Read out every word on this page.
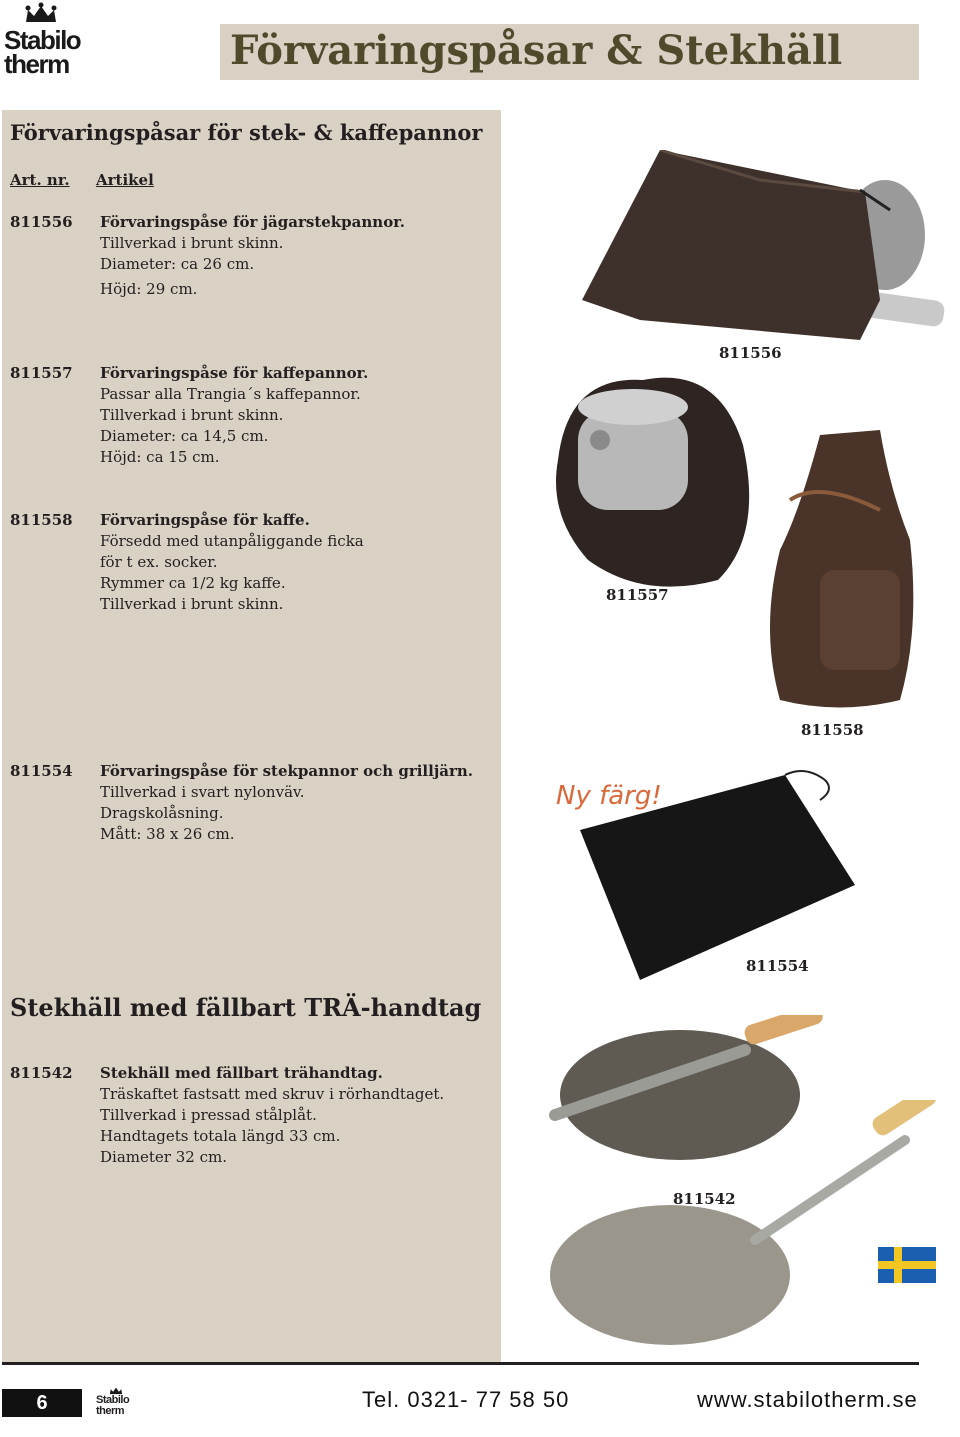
Stabilo
therm	Förvaringspåsar & Stekhäll
Förvaringspåsar för stek- & kaffepannor
Art. nr. Artikel
811556 Förvaringspåse för jägarstekpannor.
Tillverkad i brunt skinn.
Diameter: ca 26 cm.
Höjd: 29 cm.
811557 Förvaringspåse för kaffepannor.
Passar alla Trangia´s kaffepannor.
Tillverkad i brunt skinn.
Diameter: ca 14,5 cm.
Höjd: ca 15 cm.
811558 Förvaringspåse för kaffe.
Försedd med utanpåliggande ficka
för t ex. socker.
Rymmer ca 1/2 kg kaffe.
Tillverkad i brunt skinn.
811554 Förvaringspåse för stekpannor och grilljärn.
Tillverkad i svart nylonväv.
Dragskolåsning.
Mått: 38 x 26 cm.
Stekhäll med fällbart TRÄ-handtag
811542 Stekhäll med fällbart trähandtag.
Träskaftet fastsatt med skruv i rörhandtaget.
Tillverkad i pressad stålplåt.
Handtagets totala längd 33 cm.
Diameter 32 cm.
811556
811557
811558
Ny färg!
811554
811542
6	Stabilo
therm	Tel. 0321- 77 58 50	www.stabilotherm.se
